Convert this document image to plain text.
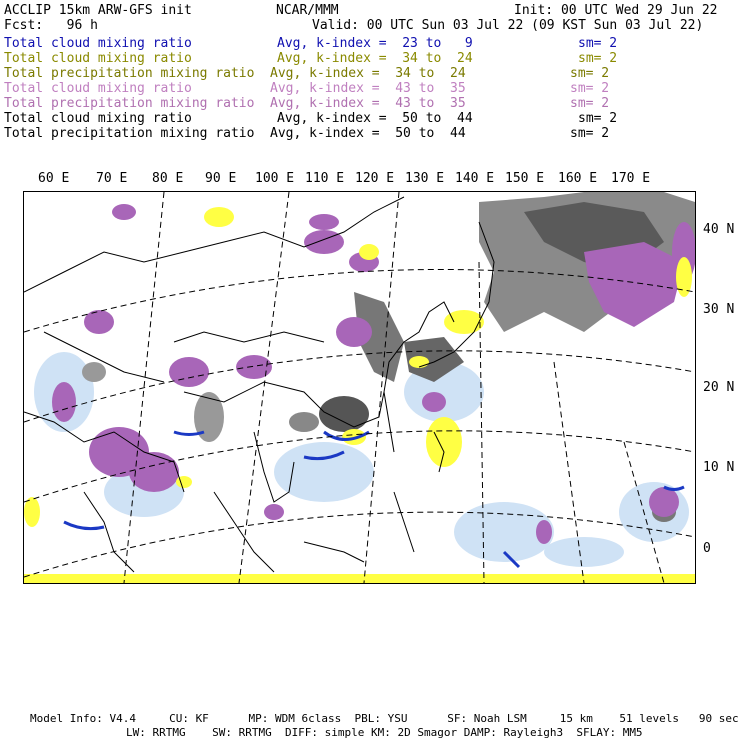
ACCLIP 15km ARW-GFS init	NCAR/MMM	Init: 00 UTC Wed 29 Jun 22
Fcst:   96 h	Valid: 00 UTC Sun 03 Jul 22 (09 KST Sun 03 Jul 22)
Total cloud mixing ratio	Avg, k-index =  23 to   9	sm= 2
Total cloud mixing ratio	Avg, k-index =  34 to  24	sm= 2
Total precipitation mixing ratio Avg, k-index =  34 to  24	sm= 2
Total cloud mixing ratio	Avg, k-index =  43 to  35	sm= 2
Total precipitation mixing ratio Avg, k-index =  43 to  35	sm= 2
Total cloud mixing ratio	Avg, k-index =  50 to  44	sm= 2
Total precipitation mixing ratio Avg, k-index =  50 to  44	sm= 2
60 E 70 E 80 E 90 E 100 E 110 E 120 E 130 E 140 E 150 E 160 E 170 E
40 N
30 N
20 N
10 N
0
Model Info: V4.4     CU: KF      MP: WDM 6class  PBL: YSU      SF: Noah LSM     15 km    51 levels   90 sec
LW: RRTMG    SW: RRTMG  DIFF: simple KM: 2D Smagor DAMP: Rayleigh3  SFLAY: MM5
